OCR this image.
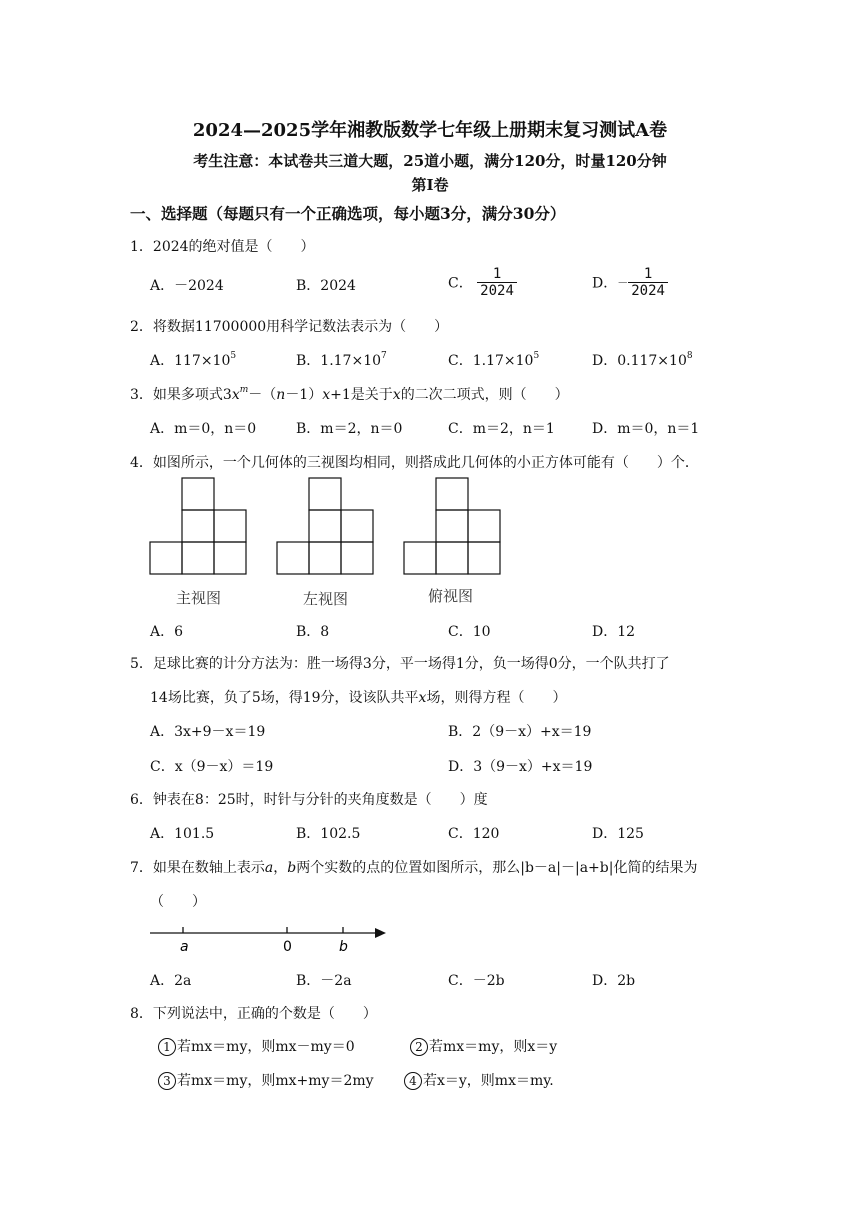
2024—2025学年湘教版数学七年级上册期末复习测试A卷
考生注意：本试卷共三道大题，25道小题，满分120分，时量120分钟
第Ⅰ卷
一、选择题（每题只有一个正确选项，每小题3分，满分30分）
1．2024的绝对值是（　　）
A．－2024	B．2024	C． $\frac{1}{2024}$	D．－ $\frac{1}{2024}$
2．将数据11700000用科学记数法表示为（　　）
A．$117\times 10^5$	B．$1.17\times 10^7$	C．$1.17\times 10^5$	D．$0.117\times 10^8$
3．如果多项式$3x^m-(n-1)x+1$是关于x的二次二项式，则（　　）
A．m＝0，n＝0	B．m＝2，n＝0	C．m＝2，n＝1	D．m＝0，n＝1
4．如图所示，一个几何体的三视图均相同，则搭成此几何体的小正方体可能有（　　）个．
主视图	左视图	俯视图
A．6	B．8	C．10	D．12
5．足球比赛的计分方法为：胜一场得3分，平一场得1分，负一场得0分，一个队共打了
14场比赛，负了5场，得19分，设该队共平x场，则得方程（　　）
A．3x+9－x＝19	B．2（9－x）+x＝19
C．x（9－x）＝19	D．3（9－x）+x＝19
6．钟表在8：25时，时针与分针的夹角度数是（　　）度
A．101.5	B．102.5	C．120	D．125
7．如果在数轴上表示a，b两个实数的点的位置如图所示，那么|b－a|－|a+b|化简的结果为
（　　）
a	0	b
A．2a	B．－2a	C．－2b	D．2b
8．下列说法中，正确的个数是（　　）
1 若mx＝my，则mx－my＝0	2 若mx＝my，则x＝y
3 若mx＝my，则mx+my＝2my	4 若x＝y，则mx＝my.
